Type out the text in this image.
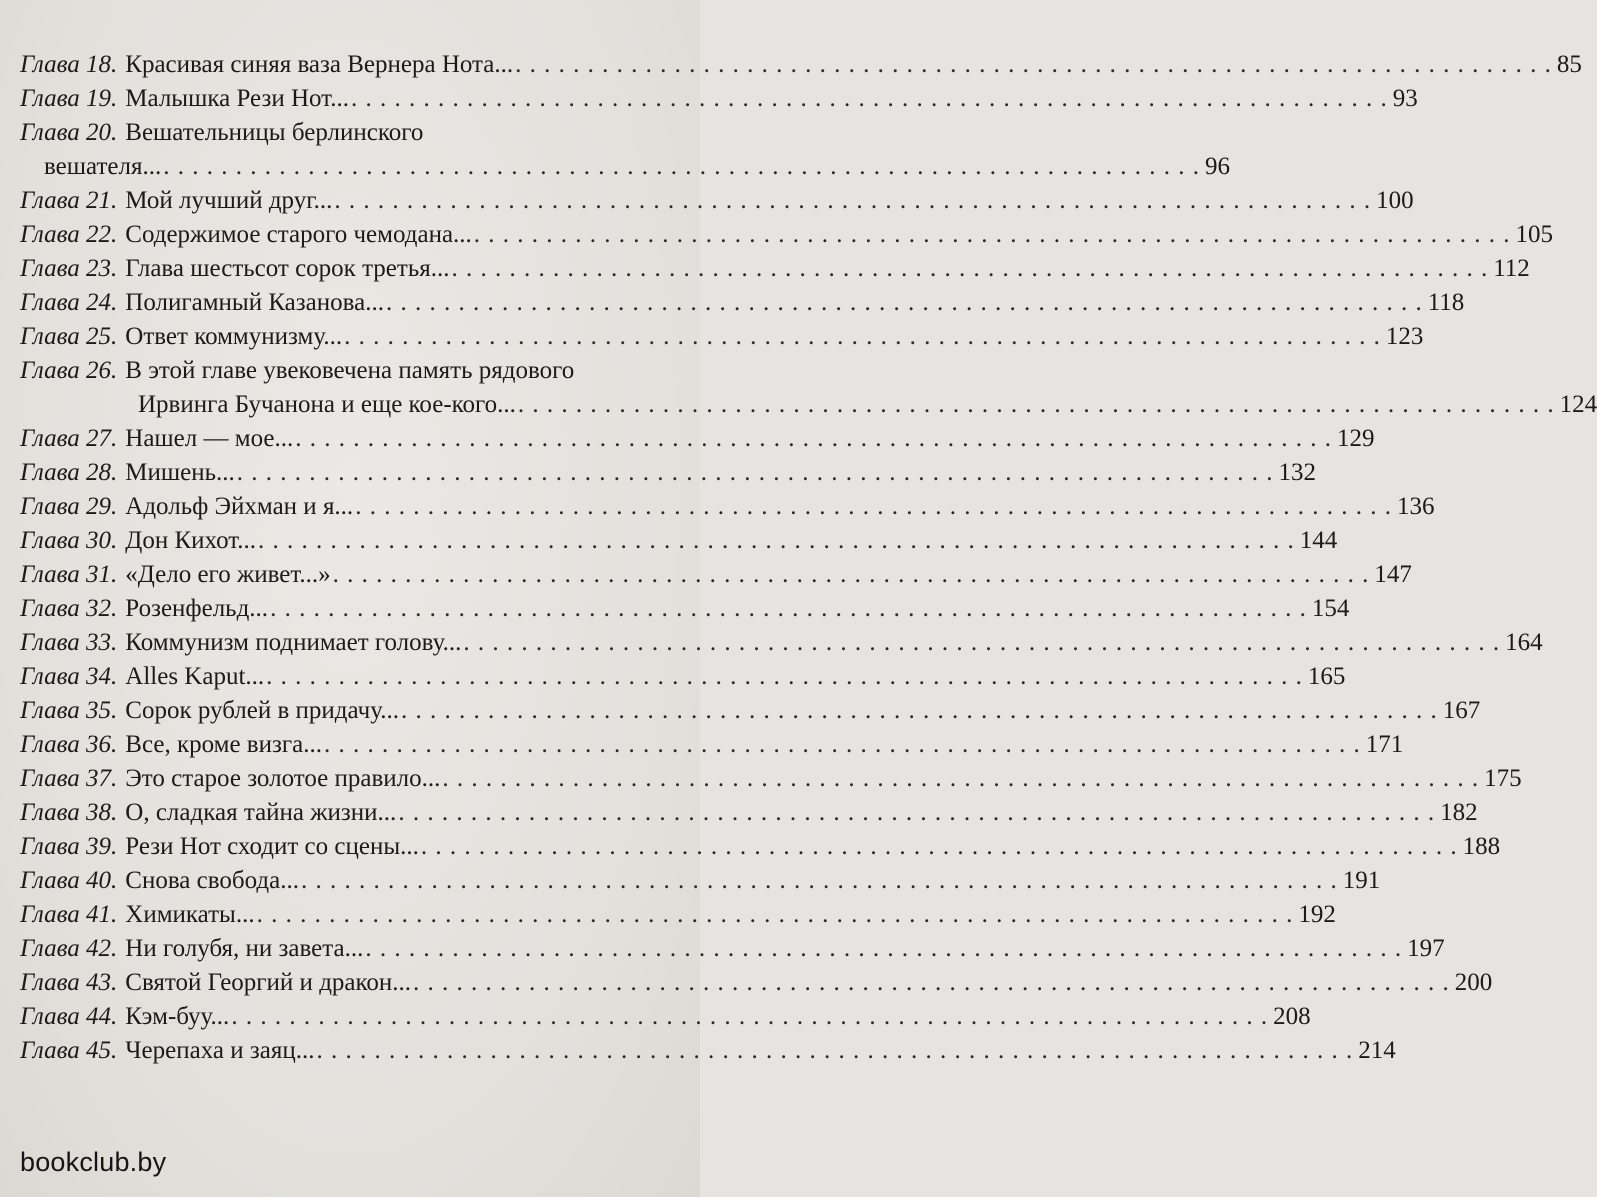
Глава 18. Красивая синяя ваза Вернера Нота... . . .	85
Глава 19. Малышка Рези Нот... . . .	93
Глава 20. Вешательницы берлинского
вешателя... . . .	96
Глава 21. Мой лучший друг... . . .	100
Глава 22. Содержимое старого чемодана... . . .	105
Глава 23. Глава шестьсот сорок третья... . . .	112
Глава 24. Полигамный Казанова... . . .	118
Глава 25. Ответ коммунизму... . . .	123
Глава 26. В этой главе увековечена память рядового
Ирвинга Бучанона и еще кое-кого... . . .	124
Глава 27. Нашел — мое... . . .	129
Глава 28. Мишень... . . .	132
Глава 29. Адольф Эйхман и я... . . .	136
Глава 30. Дон Кихот... . . .	144
Глава 31. «Дело его живет...» . . .	147
Глава 32. Розенфельд... . . .	154
Глава 33. Коммунизм поднимает голову... . . .	164
Глава 34. Alles Kaput... . . .	165
Глава 35. Сорок рублей в придачу... . . .	167
Глава 36. Все, кроме визга... . . .	171
Глава 37. Это старое золотое правило... . . .	175
Глава 38. О, сладкая тайна жизни... . . .	182
Глава 39. Рези Нот сходит со сцены... . . .	188
Глава 40. Снова свобода... . . .	191
Глава 41. Химикаты... . . .	192
Глава 42. Ни голубя, ни завета... . . .	197
Глава 43. Святой Георгий и дракон... . . .	200
Глава 44. Кэм-буу... . . .	208
Глава 45. Черепаха и заяц... . . .	214
bookclub.by
